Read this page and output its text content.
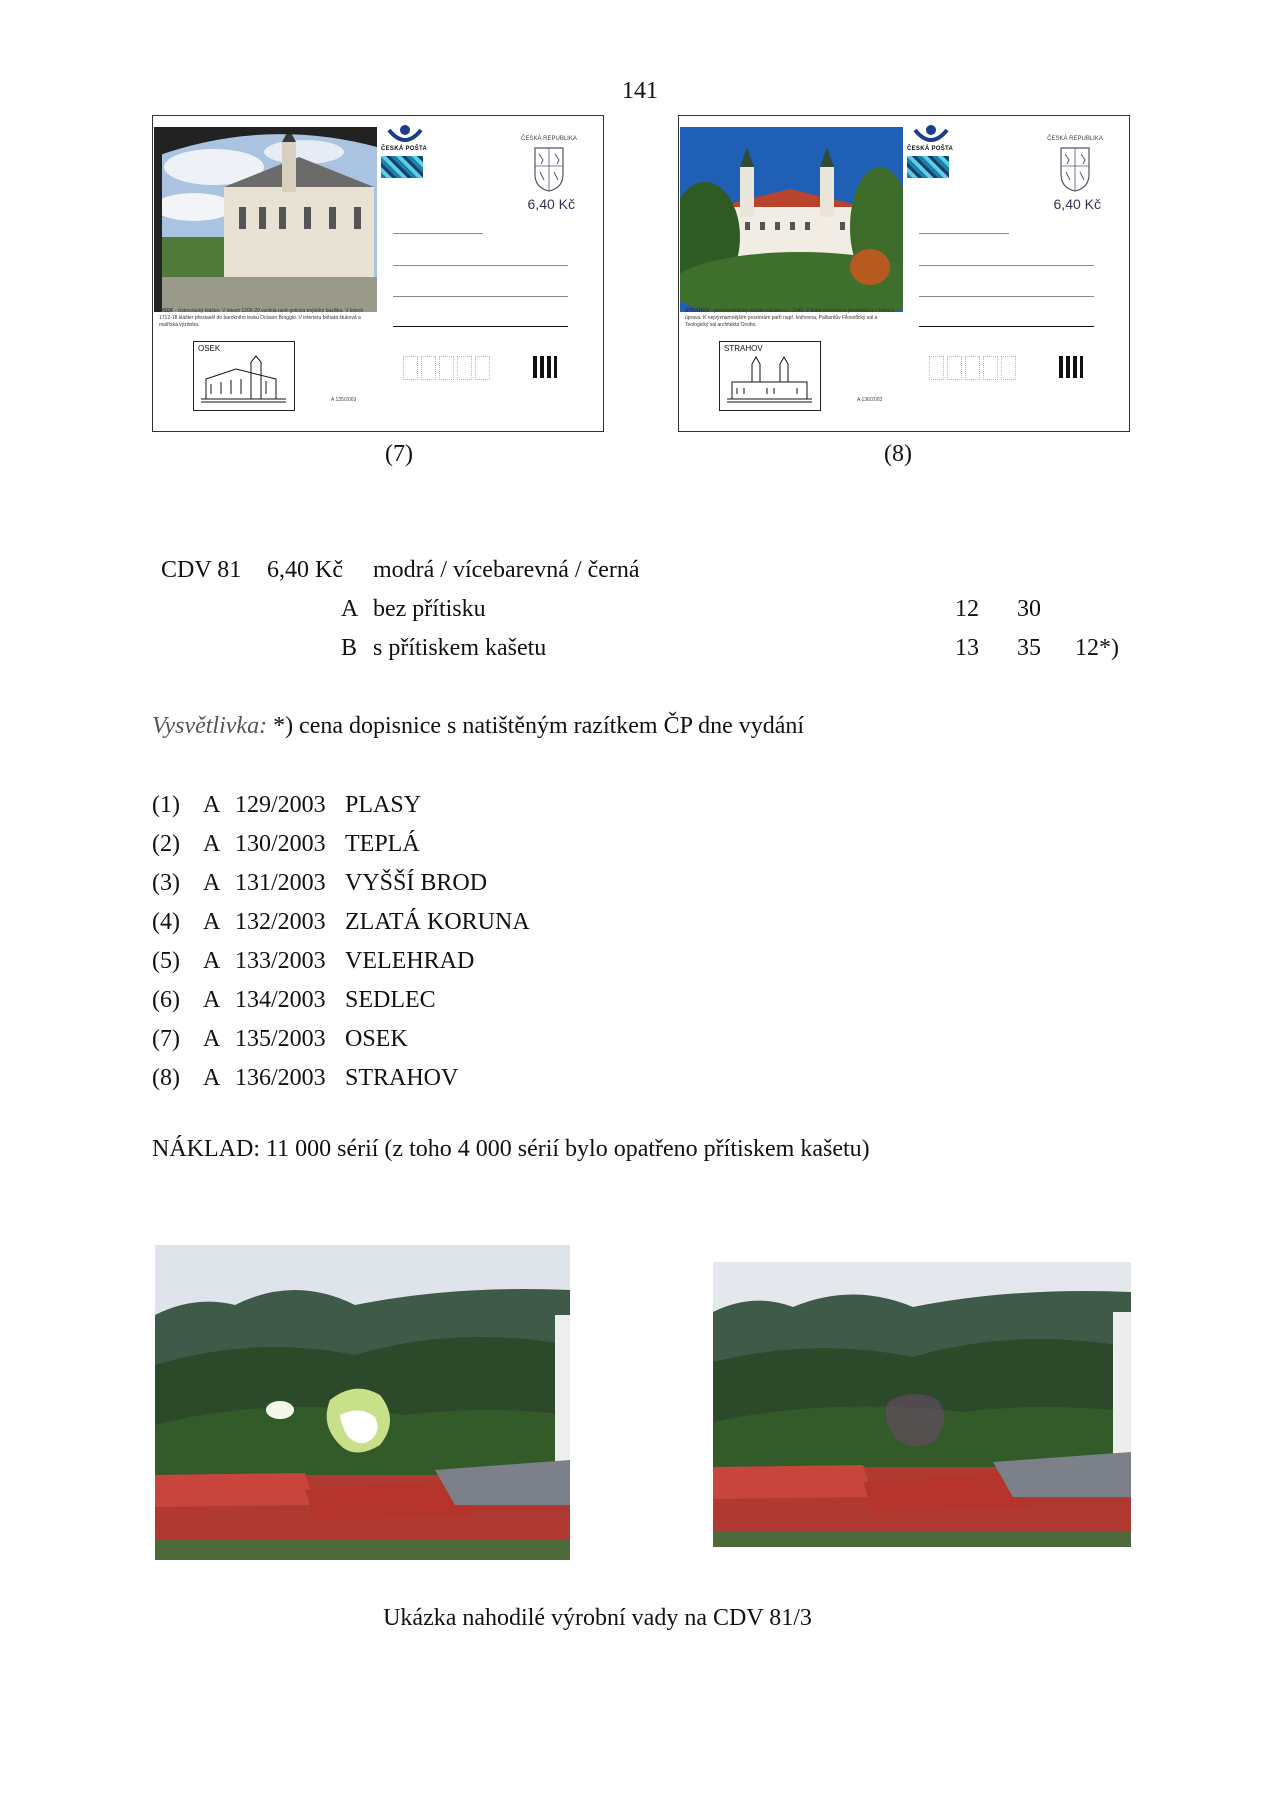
141
OSEK - cisterciácký klášter. V letech 1206-20 vznikla raně gotická trojlodní bazilika. V letech 1712-18 klášter přestavěl do barokního lesku Octavio Broggio. V interiéru bohatá štuková a malířská výzdoba.
OSEK
A 135/2003
ČESKÁ POŠTA
ČESKÁ REPUBLIKA
6,40 Kč
STRAHOV - premonstrátský klášter založen v r. 1140. V době renesance přestavba a v baroku úprava. K nejvýznamnějším prostorám patří např. knihovna, Palliardův Filosofický sál a Teologický sál architekta Orsiho.
STRAHOV
A 136/2003
ČESKÁ POŠTA
ČESKÁ REPUBLIKA
6,40 Kč
(7)	(8)
CDV 81 6,40 Kč modrá / vícebarevná / černá
A bez přítisku	12 30
B s přítiskem kašetu	13 35 12*)
Vysvětlivka: *) cena dopisnice s natištěným razítkem ČP dne vydání
(1) A 129/2003 PLASY
(2) A 130/2003 TEPLÁ
(3) A 131/2003 VYŠŠÍ BROD
(4) A 132/2003 ZLATÁ KORUNA
(5) A 133/2003 VELEHRAD
(6) A 134/2003 SEDLEC
(7) A 135/2003 OSEK
(8) A 136/2003 STRAHOV
NÁKLAD: 11 000 sérií (z toho 4 000 sérií bylo opatřeno přítiskem kašetu)
Ukázka nahodilé výrobní vady na CDV 81/3
